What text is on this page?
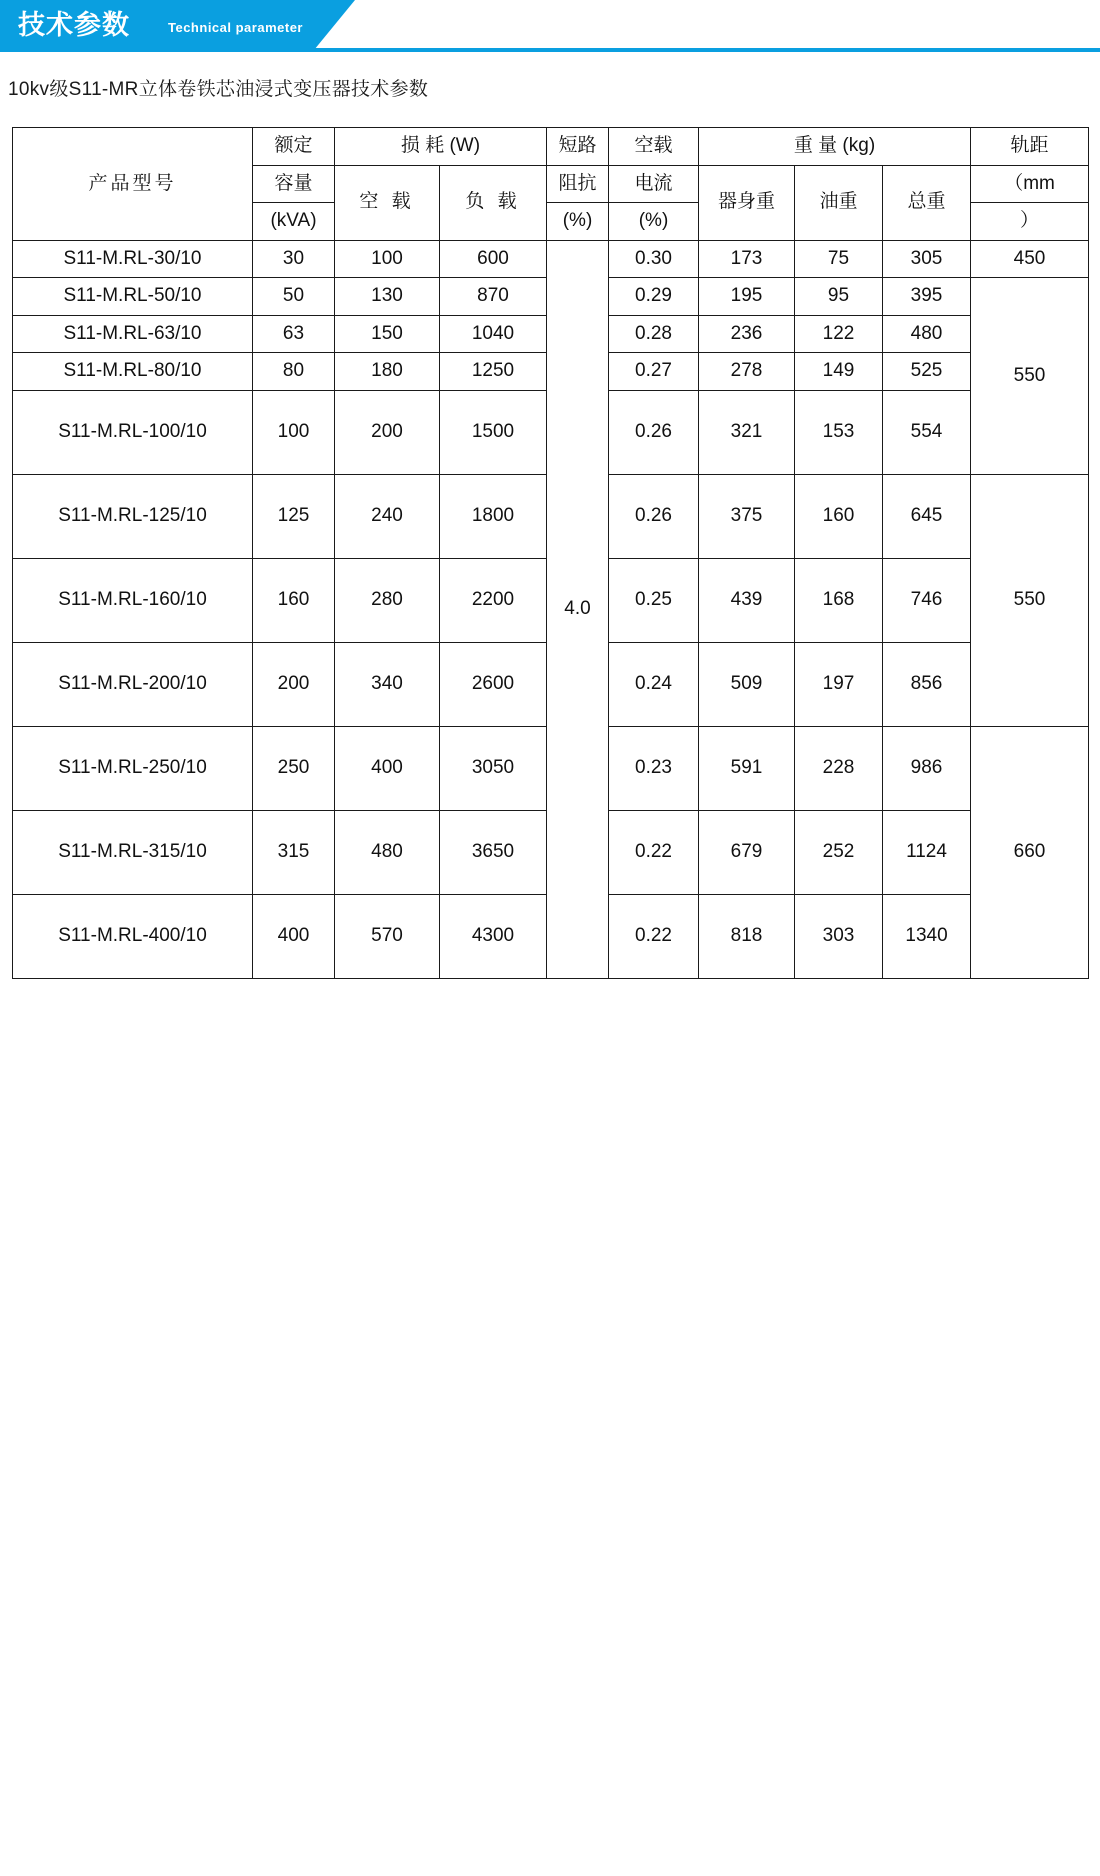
技术参数	Technical parameter
10kv级S11-MR立体卷铁芯油浸式变压器技术参数
产品型号	额定	损 耗 (W)		短路	空载	重 量 (kg)			轨距
	容量	空 载	负 载	阻抗	电流	器身重	油重	总重	（mm
	(kVA)			(%)	(%)				）
S11-M.RL-30/10	30	100	600	4.0	0.30	173	75	305	450
S11-M.RL-50/10	50	130	870		0.29	195	95	395	550
S11-M.RL-63/10	63	150	1040		0.28	236	122	480	
S11-M.RL-80/10	80	180	1250		0.27	278	149	525	
S11-M.RL-100/10	100	200	1500		0.26	321	153	554	
S11-M.RL-125/10	125	240	1800		0.26	375	160	645	550
S11-M.RL-160/10	160	280	2200		0.25	439	168	746	
S11-M.RL-200/10	200	340	2600		0.24	509	197	856	
S11-M.RL-250/10	250	400	3050		0.23	591	228	986	660
S11-M.RL-315/10	315	480	3650		0.22	679	252	1124	
S11-M.RL-400/10	400	570	4300		0.22	818	303	1340	
